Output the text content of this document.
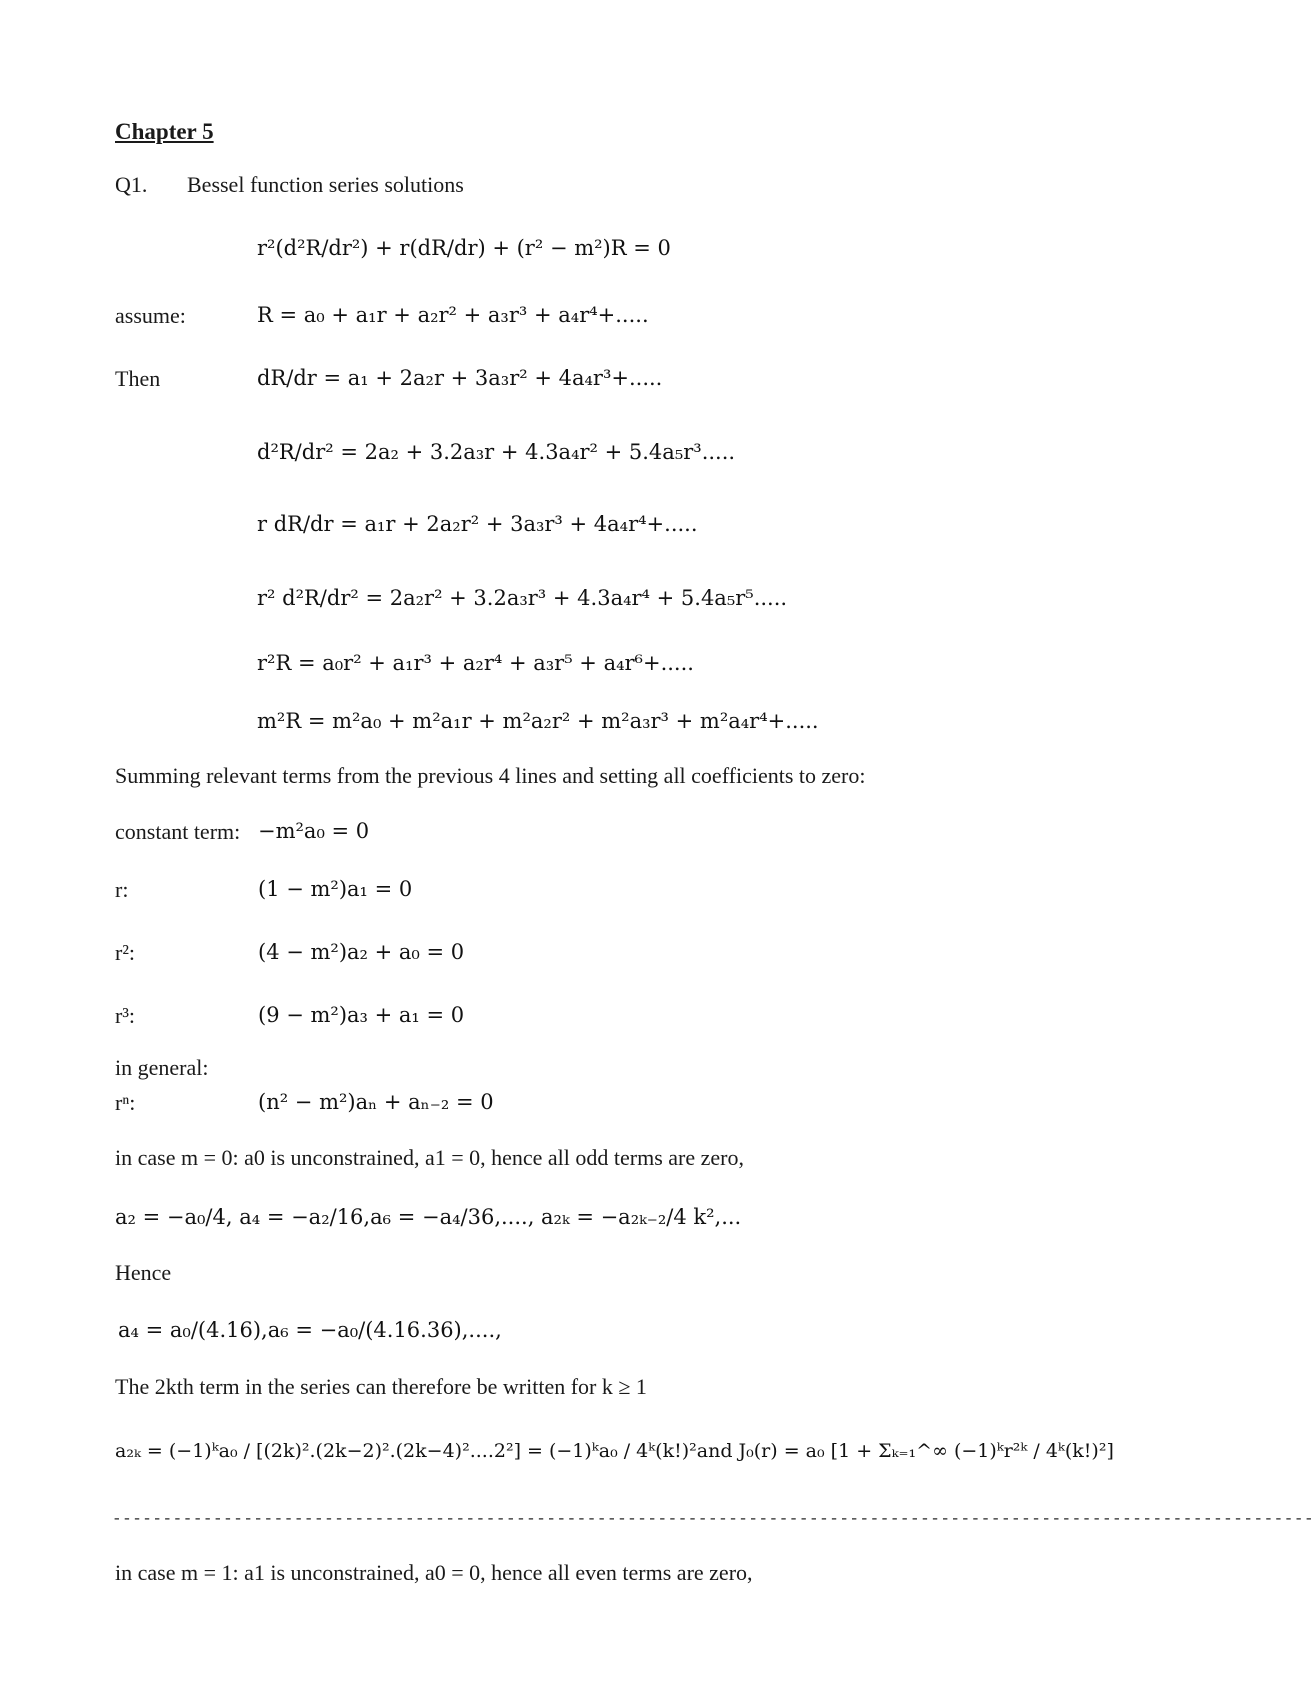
Chapter 5
Q1. Bessel function series solutions
r²(d²R/dr²) + r(dR/dr) + (r² − m²)R = 0
assume:	R = a₀ + a₁r + a₂r² + a₃r³ + a₄r⁴+.....
Then	dR/dr = a₁ + 2a₂r + 3a₃r² + 4a₄r³+.....
d²R/dr² = 2a₂ + 3.2a₃r + 4.3a₄r² + 5.4a₅r³.....
r dR/dr = a₁r + 2a₂r² + 3a₃r³ + 4a₄r⁴+.....
r² d²R/dr² = 2a₂r² + 3.2a₃r³ + 4.3a₄r⁴ + 5.4a₅r⁵.....
r²R = a₀r² + a₁r³ + a₂r⁴ + a₃r⁵ + a₄r⁶+.....
m²R = m²a₀ + m²a₁r + m²a₂r² + m²a₃r³ + m²a₄r⁴+.....
Summing relevant terms from the previous 4 lines and setting all coefficients to zero:
constant term: −m²a₀ = 0
r:	(1 − m²)a₁ = 0
r²:	(4 − m²)a₂ + a₀ = 0
r³:	(9 − m²)a₃ + a₁ = 0
in general:
rⁿ:	(n² − m²)aₙ + aₙ₋₂ = 0
in case m = 0: a0 is unconstrained, a1 = 0, hence all odd terms are zero,
a₂ = −a₀/4, a₄ = −a₂/16,a₆ = −a₄/36,...., a₂ₖ = −a₂ₖ₋₂/4 k²,...
Hence
a₄ = a₀/(4.16),a₆ = −a₀/(4.16.36),....,
The 2kth term in the series can therefore be written for k ≥ 1
a₂ₖ = (−1)ᵏa₀ / [(2k)².(2k−2)².(2k−4)²....2²] = (−1)ᵏa₀ / 4ᵏ(k!)²and J₀(r) = a₀ [1 + Σₖ₌₁^∞ (−1)ᵏr²ᵏ / 4ᵏ(k!)²]
-----------------------------------------------------------------------------------------------------------------------
in case m = 1: a1 is unconstrained, a0 = 0, hence all even terms are zero,
